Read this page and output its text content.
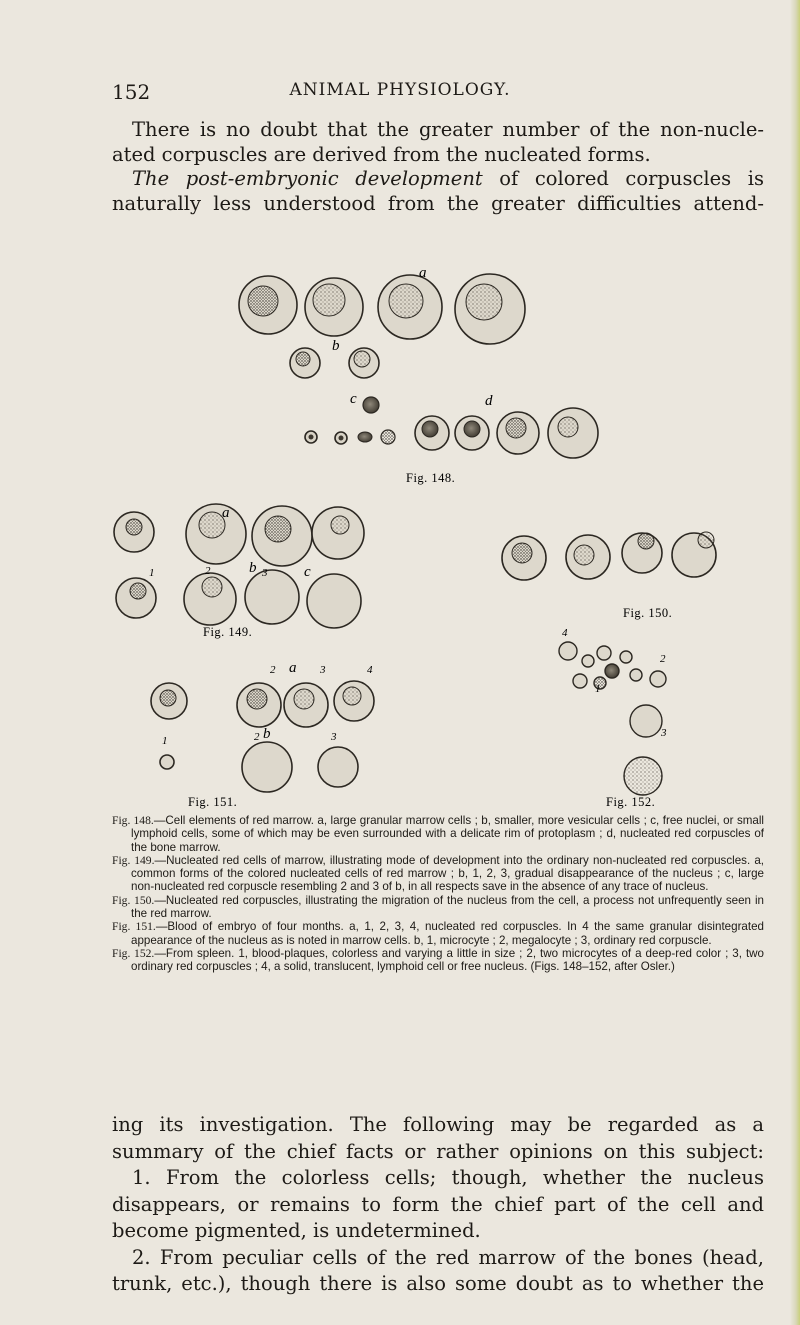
152	ANIMAL PHYSIOLOGY.

There is no doubt that the greater number of the non-nucle-

ated corpuscles are derived from the nucleated forms.

The post-embryonic development of colored corpuscles is

naturally less understood from the greater difficulties attend-

a
b
c	d
Fig. 148.
a
1	2	b 3 c
Fig. 149.
Fig. 150.
2 a 3	4
1	2 b	3
Fig. 151.
4
1
2
3
Fig. 152.

Fig. 148.—Cell elements of red marrow. a, large granular marrow cells ; b, smaller, more vesicular cells ; c, free nuclei, or small lymphoid cells, some of which may be even surrounded with a delicate rim of protoplasm ; d, nucleated red corpuscles of the bone marrow.

Fig. 149.—Nucleated red cells of marrow, illustrating mode of development into the ordinary non-nucleated red corpuscles. a, common forms of the colored nucleated cells of red marrow ; b, 1, 2, 3, gradual disappearance of the nucleus ; c, large non-nucleated red corpuscle resembling 2 and 3 of b, in all respects save in the absence of any trace of nucleus.

Fig. 150.—Nucleated red corpuscles, illustrating the migration of the nucleus from the cell, a process not unfrequently seen in the red marrow.

Fig. 151.—Blood of embryo of four months. a, 1, 2, 3, 4, nucleated red corpuscles. In 4 the same granular disintegrated appearance of the nucleus as is noted in marrow cells. b, 1, microcyte ; 2, megalocyte ; 3, ordinary red corpuscle.

Fig. 152.—From spleen. 1, blood-plaques, colorless and varying a little in size ; 2, two microcytes of a deep-red color ; 3, two ordinary red corpuscles ; 4, a solid, translucent, lymphoid cell or free nucleus. (Figs. 148–152, after Osler.)

ing its investigation. The following may be regarded as a

summary of the chief facts or rather opinions on this subject:

1. From the colorless cells; though, whether the nucleus

disappears, or remains to form the chief part of the cell and

become pigmented, is undetermined.

2. From peculiar cells of the red marrow of the bones (head,

trunk, etc.), though there is also some doubt as to whether the
